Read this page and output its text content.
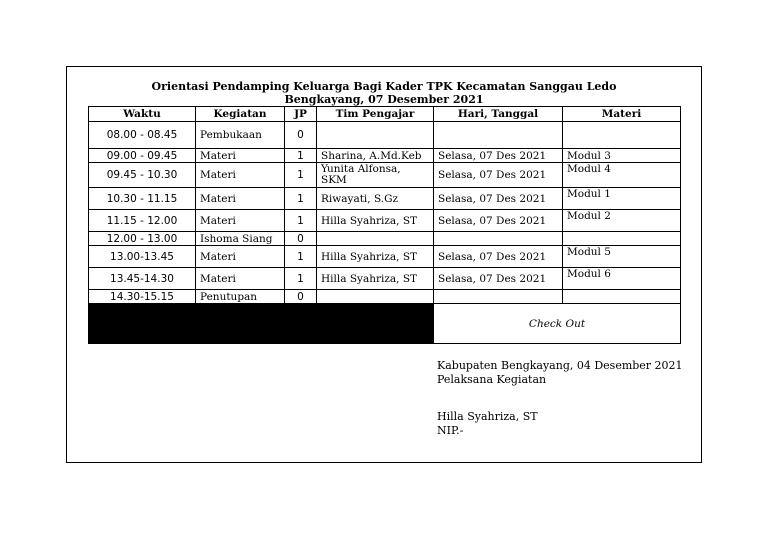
Orientasi Pendamping Keluarga Bagi Kader TPK Kecamatan Sanggau Ledo
Bengkayang, 07 Desember 2021
Waktu	Kegiatan	JP	Tim Pengajar	Hari, Tanggal	Materi
08.00 - 08.45	Pembukaan	0			
09.00 - 09.45	Materi	1	Sharina, A.Md.Keb	Selasa, 07 Des 2021	Modul 3
09.45 - 10.30	Materi	1	Yunita Alfonsa, SKM	Selasa, 07 Des 2021	Modul 4
10.30 - 11.15	Materi	1	Riwayati, S.Gz	Selasa, 07 Des 2021	Modul 1
11.15 - 12.00	Materi	1	Hilla Syahriza, ST	Selasa, 07 Des 2021	Modul 2
12.00 - 13.00	Ishoma Siang	0			
13.00-13.45	Materi	1	Hilla Syahriza, ST	Selasa, 07 Des 2021	Modul 5
13.45-14.30	Materi	1	Hilla Syahriza, ST	Selasa, 07 Des 2021	Modul 6
14.30-15.15	Penutupan	0			
				Check Out	
Kabupaten Bengkayang, 04 Desember 2021
Pelaksana Kegiatan
Hilla Syahriza, ST
NIP.-
